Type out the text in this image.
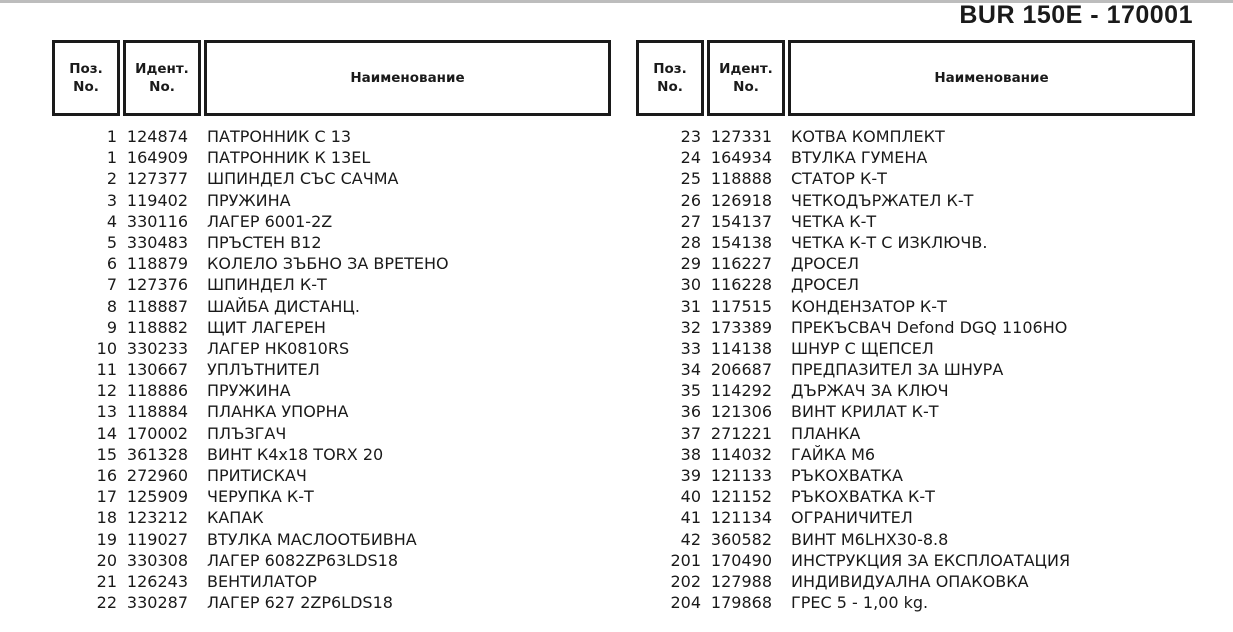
BUR 150E - 170001
Поз.
No.
Идент.
No.
Наименование
1 124874 ПАТРОННИК С 13
1 164909 ПАТРОННИК К 13EL
2 127377 ШПИНДЕЛ СЪС САЧМА
3 119402 ПРУЖИНА
4 330116 ЛАГЕР 6001-2Z
5 330483 ПРЪСТЕН В12
6 118879 КОЛЕЛО ЗЪБНО ЗА ВРЕТЕНО
7 127376 ШПИНДЕЛ К-Т
8 118887 ШАЙБА ДИСТАНЦ.
9 118882 ЩИТ ЛАГЕРЕН
10 330233 ЛАГЕР HK0810RS
11 130667 УПЛЪТНИТЕЛ
12 118886 ПРУЖИНА
13 118884 ПЛАНКА УПОРНА
14 170002 ПЛЪЗГАЧ
15 361328 ВИНТ К4x18 TORX 20
16 272960 ПРИТИСКАЧ
17 125909 ЧЕРУПКА К-Т
18 123212 КАПАК
19 119027 ВТУЛКА МАСЛООТБИВНА
20 330308 ЛАГЕР 6082ZP63LDS18
21 126243 ВЕНТИЛАТОР
22 330287 ЛАГЕР 627 2ZP6LDS18
Поз.
No.
Идент.
No.
Наименование
23 127331 КОТВА КОМПЛЕКТ
24 164934 ВТУЛКА ГУМЕНА
25 118888 СТАТОР К-Т
26 126918 ЧЕТКОДЪРЖАТЕЛ К-Т
27 154137 ЧЕТКА К-Т
28 154138 ЧЕТКА К-Т С ИЗКЛЮЧВ.
29 116227 ДРОСЕЛ
30 116228 ДРОСЕЛ
31 117515 КОНДЕНЗАТОР К-Т
32 173389 ПРЕКЪСВАЧ Defond DGQ 1106HO
33 114138 ШНУР С ЩЕПСЕЛ
34 206687 ПРЕДПАЗИТЕЛ ЗА ШНУРА
35 114292 ДЪРЖАЧ ЗА КЛЮЧ
36 121306 ВИНТ КРИЛАТ К-Т
37 271221 ПЛАНКА
38 114032 ГАЙКА М6
39 121133 РЪКОХВАТКА
40 121152 РЪКОХВАТКА К-Т
41 121134 ОГРАНИЧИТЕЛ
42 360582 ВИНТ М6LHX30-8.8
201 170490 ИНСТРУКЦИЯ ЗА ЕКСПЛОАТАЦИЯ
202 127988 ИНДИВИДУАЛНА ОПАКОВКА
204 179868 ГРЕС 5 - 1,00 kg.
